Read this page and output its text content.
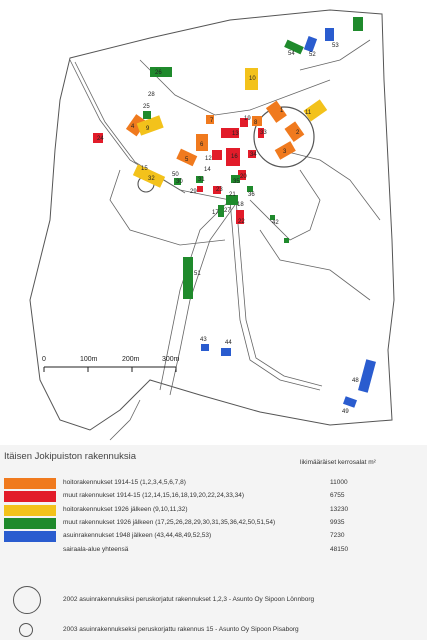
1
2
3
4
5
6
7	8
9
10
11
12
13
14
15
16
17
18
19
20
21
22
23
24
25
26
27
28
29
30	31
32
33
34
35
36
42
43	44
48
49
50
51
52
53
54
0	100m	200m	300m
Itäisen Jokipuiston rakennuksia
likimääräiset kerrosalat m²
hoitorakennukset 1914-15 (1,2,3,4,5,6,7,8)	11000
muut rakennukset 1914-15 (12,14,15,16,18,19,20,22,24,33,34)	6755
hoitorakennukset 1926 jälkeen (9,10,11,32)	13230
muut rakennukset 1926 jälkeen (17,25,26,28,29,30,31,35,36,42,50,51,54)	9935
asuinrakennukset 1948 jälkeen (43,44,48,49,52,53)	7230
sairaala-alue yhteensä	48150
2002 asuinrakennuksiksi peruskorjatut rakennukset 1,2,3 - Asunto Oy Sipoon Lönnborg
2003 asuinrakennukseksi peruskorjattu rakennus 15 - Asunto Oy Sipoon Pisaborg
